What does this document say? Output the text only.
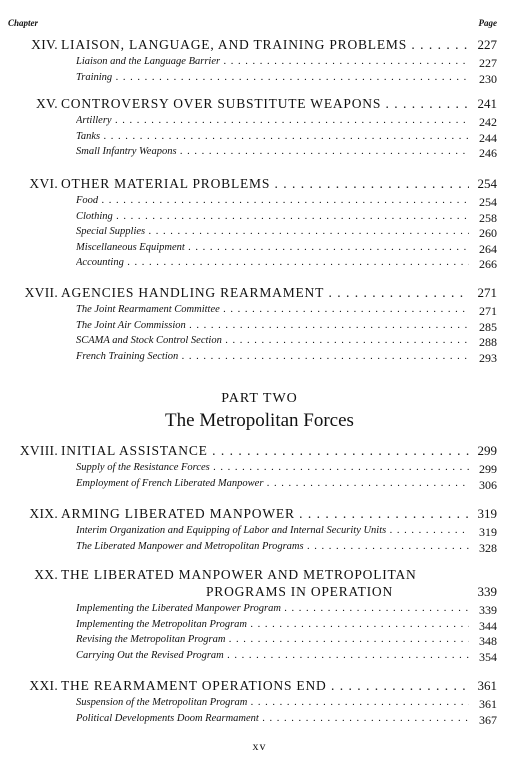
Chapter	Page
XIV. LIAISON, LANGUAGE, AND TRAINING PROBLEMS . . .	227
Liaison and the Language Barrier . . .	227
Training . . .	230
XV. CONTROVERSY OVER SUBSTITUTE WEAPONS . . .	241
Artillery . . .	242
Tanks . . .	244
Small Infantry Weapons . . .	246
XVI. OTHER MATERIAL PROBLEMS . . .	254
Food . . .	254
Clothing . . .	258
Special Supplies . . .	260
Miscellaneous Equipment . . .	264
Accounting . . .	266
XVII. AGENCIES HANDLING REARMAMENT . . .	271
The Joint Rearmament Committee . . .	271
The Joint Air Commission . . .	285
SCAMA and Stock Control Section . . .	288
French Training Section . . .	293
PART TWO
The Metropolitan Forces
XVIII. INITIAL ASSISTANCE . . .	299
Supply of the Resistance Forces . . .	299
Employment of French Liberated Manpower . . .	306
XIX. ARMING LIBERATED MANPOWER . . .	319
Interim Organization and Equipping of Labor and Internal Security Units . . .	319
The Liberated Manpower and Metropolitan Programs . . .	328
XX. THE LIBERATED MANPOWER AND METROPOLITAN
PROGRAMS IN OPERATION	339
Implementing the Liberated Manpower Program . . .	339
Implementing the Metropolitan Program . . .	344
Revising the Metropolitan Program . . .	348
Carrying Out the Revised Program . . .	354
XXI. THE REARMAMENT OPERATIONS END . . .	361
Suspension of the Metropolitan Program . . .	361
Political Developments Doom Rearmament . . .	367
xv
